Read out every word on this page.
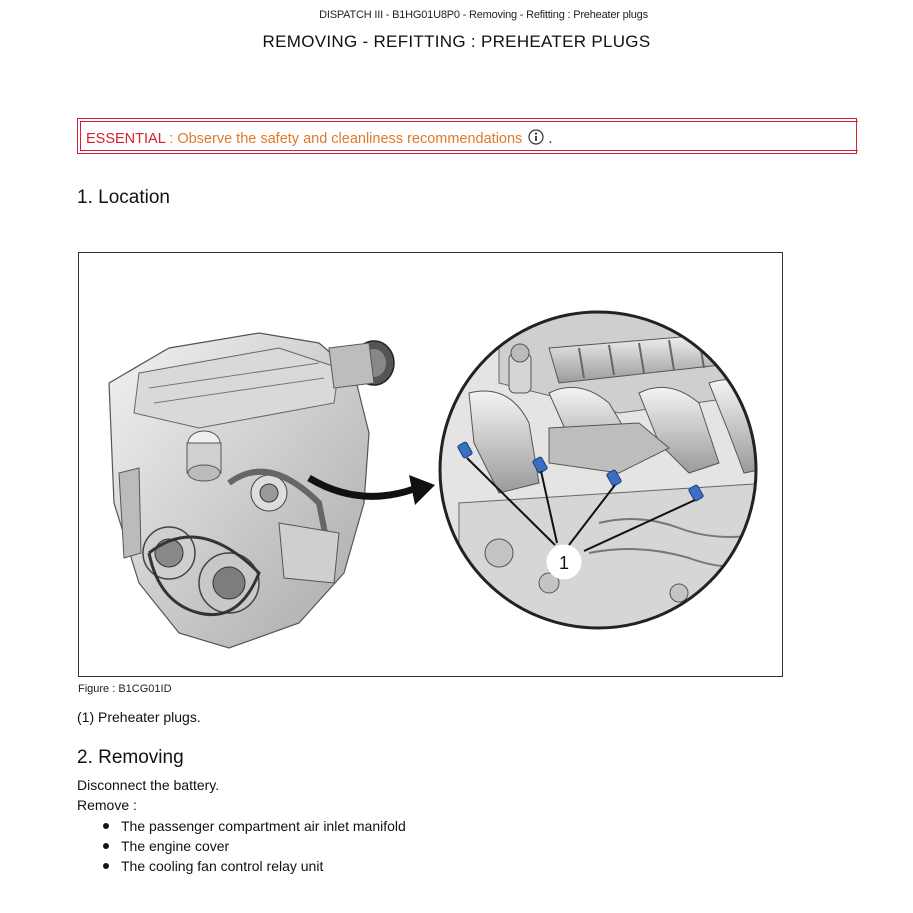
DISPATCH III - B1HG01U8P0 - Removing - Refitting : Preheater plugs
REMOVING - REFITTING : PREHEATER PLUGS
ESSENTIAL : Observe the safety and cleanliness recommendations .
1. Location
1
Figure : B1CG01ID
(1) Preheater plugs.
2. Removing
Disconnect the battery.
Remove :
The passenger compartment air inlet manifold
The engine cover
The cooling fan control relay unit
